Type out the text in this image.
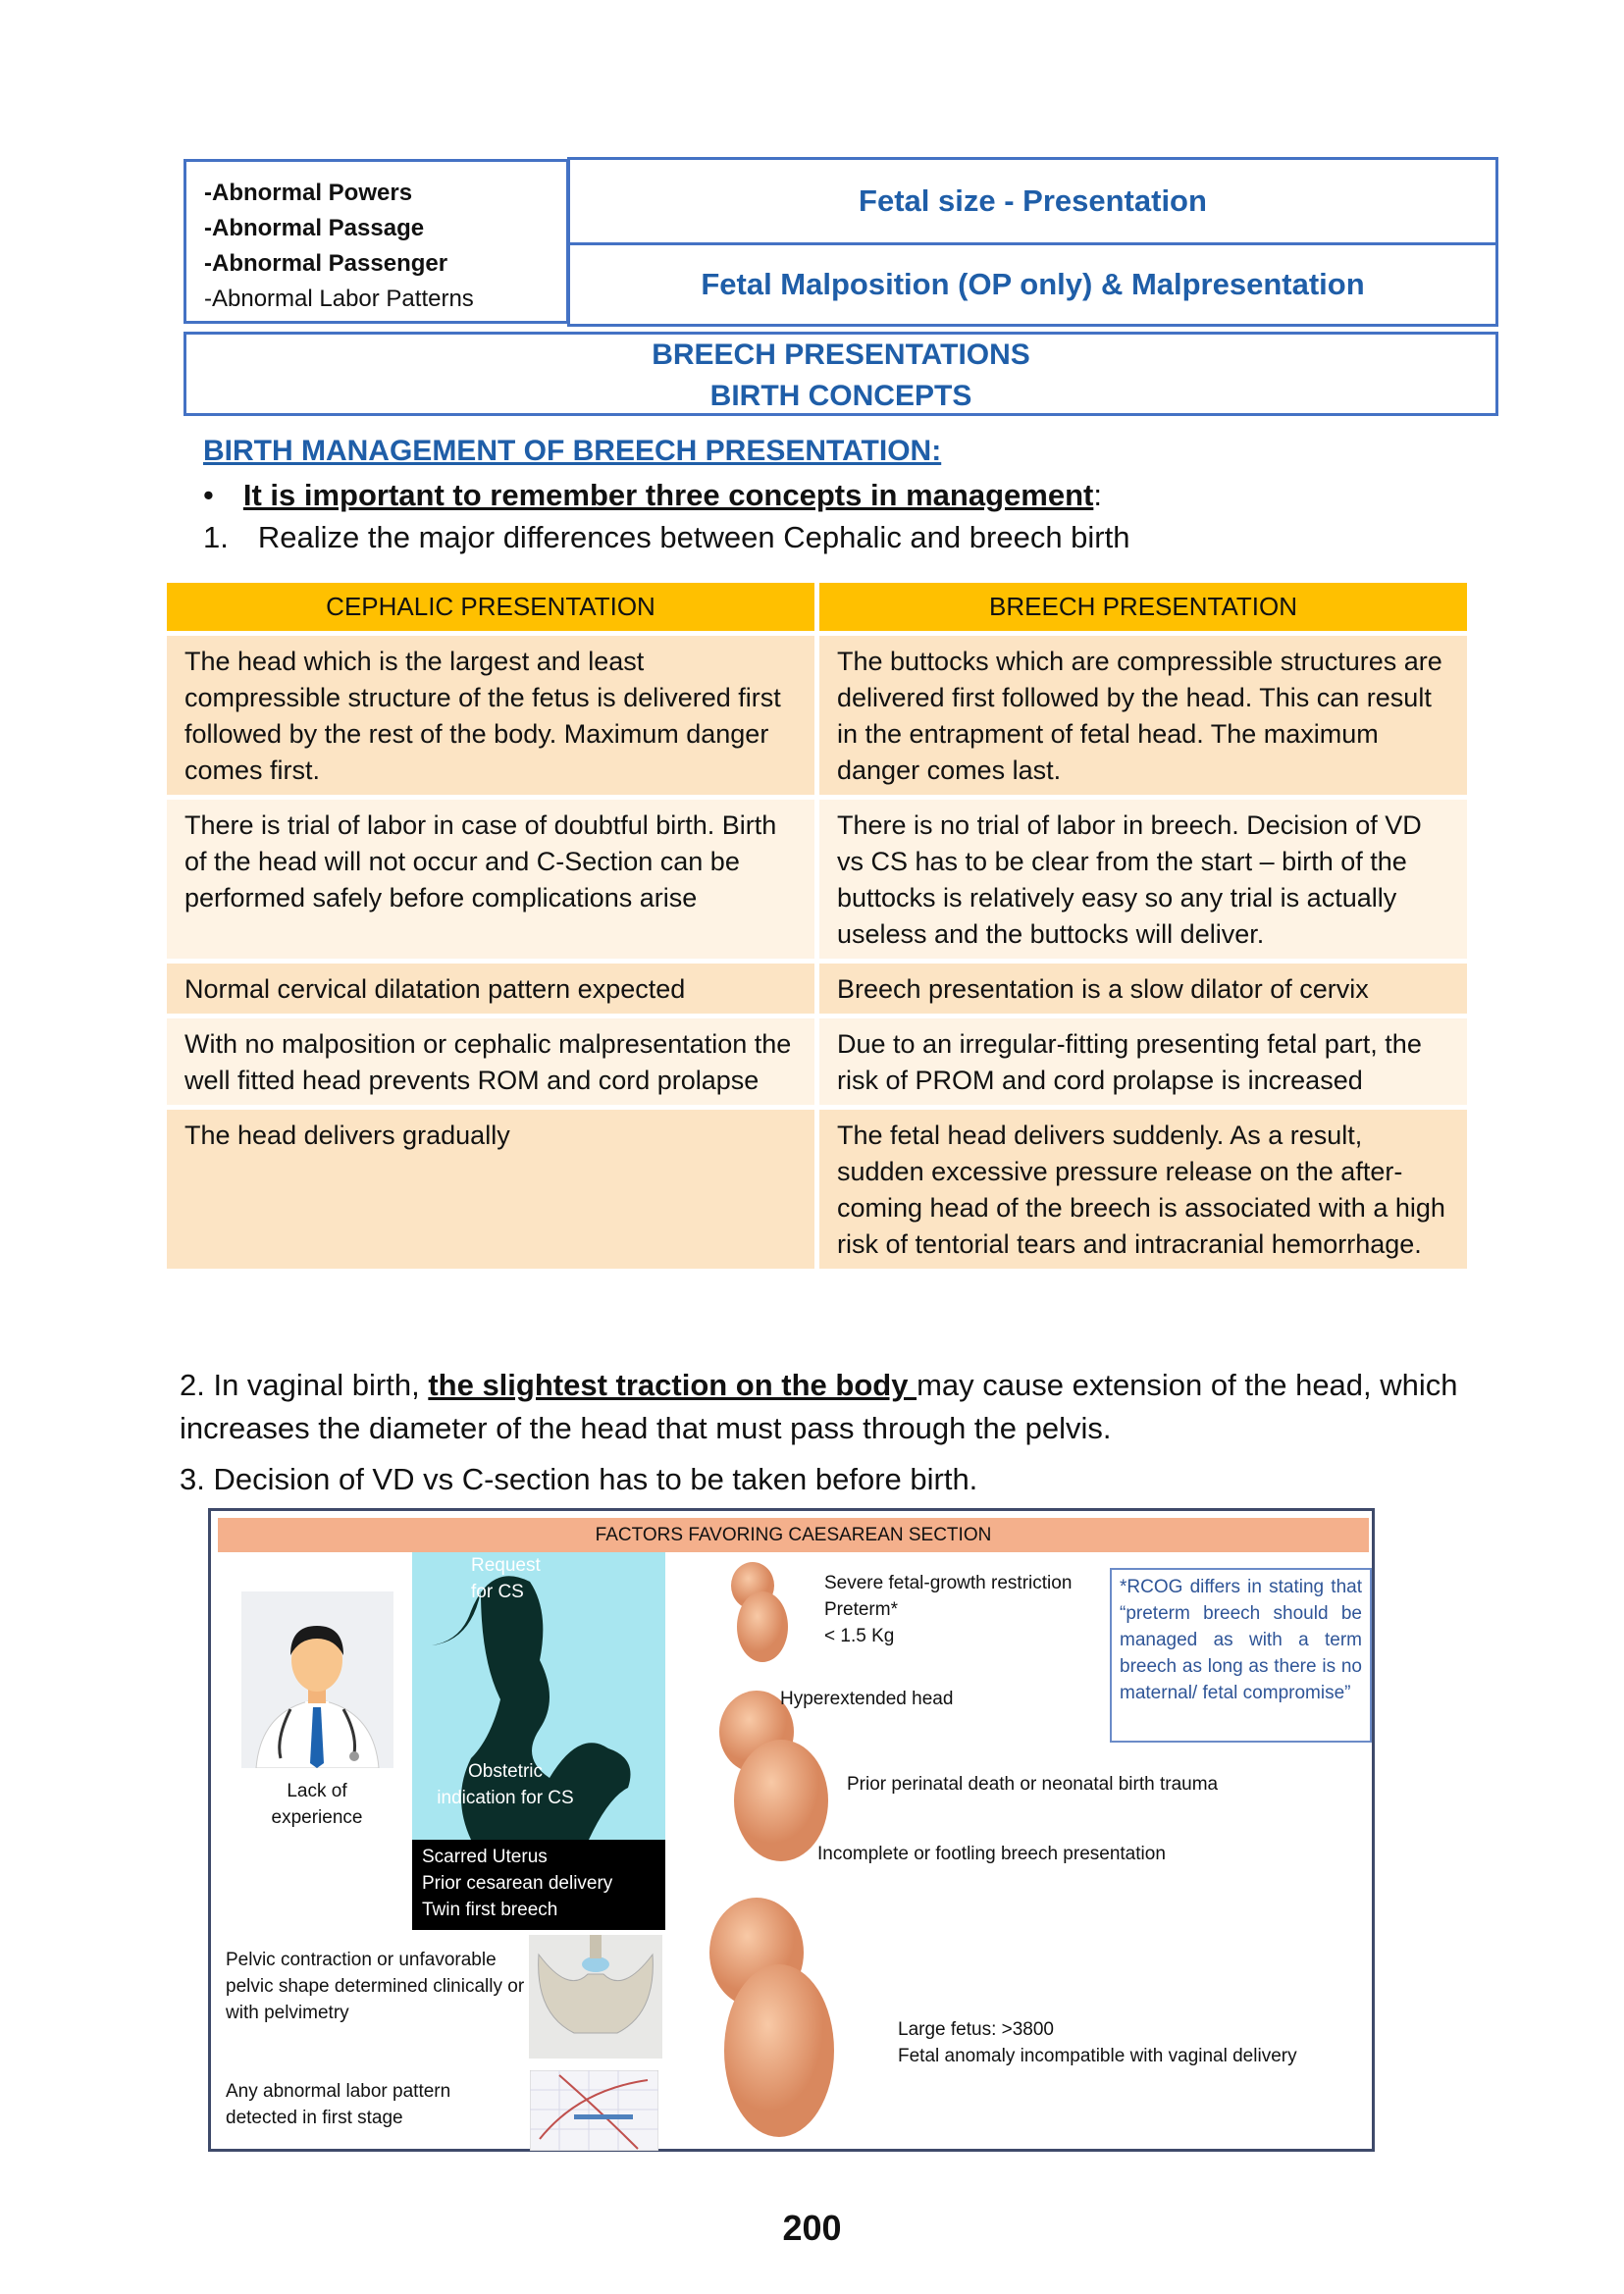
-Abnormal Powers
-Abnormal Passage
-Abnormal Passenger
-Abnormal Labor Patterns
Fetal size - Presentation
Fetal Malposition (OP only) & Malpresentation
BREECH PRESENTATIONS
BIRTH CONCEPTS
BIRTH MANAGEMENT OF BREECH PRESENTATION:
• It is important to remember three concepts in management:
1. Realize the major differences between Cephalic and breech birth
CEPHALIC PRESENTATION	BREECH PRESENTATION
The head which is the largest and least compressible structure of the fetus is delivered first followed by the rest of the body. Maximum danger comes first.	The buttocks which are compressible structures are delivered first followed by the head. This can result in the entrapment of fetal head. The maximum danger comes last.
There is trial of labor in case of doubtful birth. Birth of the head will not occur and C-Section can be performed safely before complications arise	There is no trial of labor in breech. Decision of VD vs CS has to be clear from the start – birth of the buttocks is relatively easy so any trial is actually useless and the buttocks will deliver.
Normal cervical dilatation pattern expected	Breech presentation is a slow dilator of cervix
With no malposition or cephalic malpresentation the well fitted head prevents ROM and cord prolapse	Due to an irregular-fitting presenting fetal part, the risk of PROM and cord prolapse is increased
The head delivers gradually	The fetal head delivers suddenly. As a result, sudden excessive pressure release on the after-coming head of the breech is associated with a high risk of tentorial tears and intracranial hemorrhage.
2. In vaginal birth, the slightest traction on the body may cause extension of the head, which increases the diameter of the head that must pass through the pelvis.
3. Decision of VD vs C-section has to be taken before birth.
FACTORS FAVORING CAESAREAN SECTION
Lack of experience
Request for CS
Obstetric indication for CS
Scarred Uterus
Prior cesarean delivery
Twin first breech
Pelvic contraction or unfavorable pelvic shape determined clinically or with pelvimetry
Any abnormal labor pattern detected in first stage
Severe fetal-growth restriction
Preterm*
< 1.5 Kg
*RCOG differs in stating that “preterm breech should be managed as with a term breech as long as there is no maternal/ fetal compromise”
Hyperextended head
Prior perinatal death or neonatal birth trauma
Incomplete or footling breech presentation
Large fetus: >3800
Fetal anomaly incompatible with vaginal delivery
200
